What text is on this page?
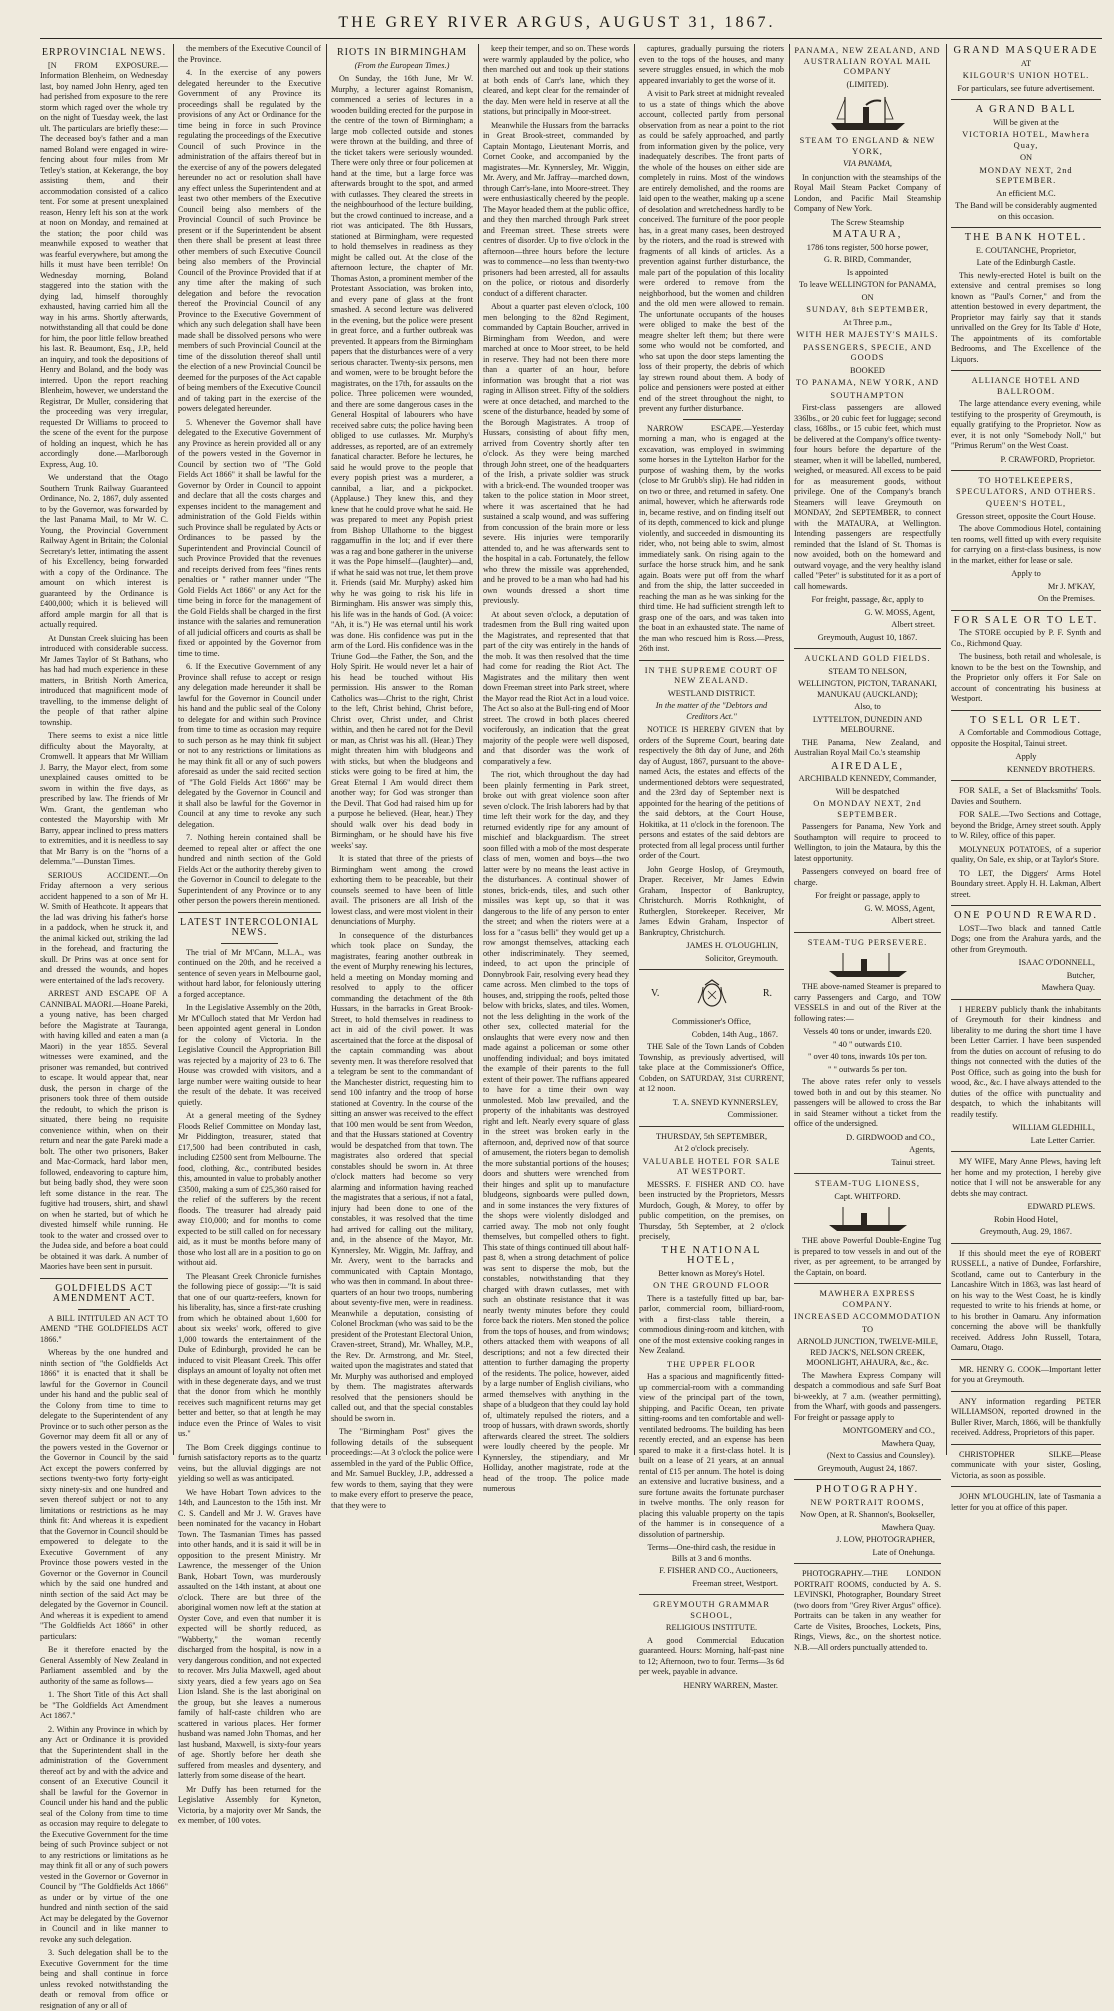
THE GREY RIVER ARGUS, AUGUST 31, 1867.
ERPROVINCIAL NEWS.

[N FROM EXPOSURE.—Information Blenheim, on Wednesday last, boy named John Henry, aged ten had perished from exposure to the rere storm which raged over the whole try on the night of Tuesday week, the last ult. The particulars are briefly these:—The deceased boy's father and a man named Boland were engaged in wire-fencing about four miles from Mr Tetley's station, at Kekerange, the boy assisting them, and their accommodation consisted of a calico tent. For some at present unexplained reason, Henry left his son at the work at noon on Monday, and remained at the station; the poor child was meanwhile exposed to weather that was fearful everywhere, but among the hills it must have been terrible! On Wednesday morning, Boland staggered into the station with the dying lad, himself thoroughly exhausted, having carried him all the way in his arms. Shortly afterwards, notwithstanding all that could be done for him, the poor little fellow breathed his last. R. Beaumont, Esq., J.P., held an inquiry, and took the depositions of Henry and Boland, and the body was interred. Upon the report reaching Blenheim, however, we understand the Registrar, Dr Muller, considering that the proceeding was very irregular, requested Dr Williams to proceed to the scene of the event for the purpose of holding an inquest, which he has accordingly done.—Marlborough Express, Aug. 10.

We understand that the Otago Southern Trunk Railway Guaranteed Ordinance, No. 2, 1867, duly assented to by the Governor, was forwarded by the last Panama Mail, to Mr W. C. Young, the Provincial Government Railway Agent in Britain; the Colonial Secretary's letter, intimating the assent of his Excellency, being forwarded with a copy of the Ordinance. The amount on which interest is guaranteed by the Ordinance is £400,000; which it is believed will afford ample margin for all that is actually required.

At Dunstan Creek sluicing has been introduced with considerable success. Mr James Taylor of St Bathans, who has had had much experience in these matters, in British North America, introduced that magnificent mode of travelling, to the immense delight of the people of that rather alpine township.

There seems to exist a nice little difficulty about the Mayoralty, at Cromwell. It appears that Mr William J. Barry, the Mayor elect, from some unexplained causes omitted to be sworn in within the five days, as prescribed by law. The friends of Mr Wm. Grant, the gentleman who contested the Mayorship with Mr Barry, appear inclined to press matters to extremities, and it is needless to say that Mr Barry is on the "horns of a delemma."—Dunstan Times.

SERIOUS ACCIDENT.—On Friday afternoon a very serious accident happened to a son of Mr H. W. Smith of Heathcote. It appears that the lad was driving his father's horse in a paddock, when he struck it, and the animal kicked out, striking the lad in the forehead, and fracturing the skull. Dr Prins was at once sent for and dressed the wounds, and hopes were entertained of the lad's recovery.

ARREST AND ESCAPE OF A CANNIBAL MAORI.—Hoane Pareki, a young native, has been charged before the Magistrate at Tauranga, with having killed and eaten a man (a Maori) in the year 1855. Several witnesses were examined, and the prisoner was remanded, but contrived to escape. It would appear that, near dusk, the person in charge of the prisoners took three of them outside the redoubt, to which the prison is situated, there being no requisite convenience within, when on their return and near the gate Pareki made a bolt. The other two prisoners, Baker and Mac-Cormack, hard labor men, followed, endeavoring to capture him, but being badly shod, they were soon left some distance in the rear. The fugitive had trousers, shirt, and shawl on when he started, but of which he divested himself while running. He took to the water and crossed over to the Judea side, and before a boat could be obtained it was dark. A number of Maories have been sent in pursuit.

GOLDFIELDS ACT AMENDMENT ACT.

A BILL INTITULED AN ACT TO AMEND "THE GOLDFIELDS ACT 1866."

Whereas by the one hundred and ninth section of "the Goldfields Act 1866" it is enacted that it shall be lawful for the Governor in Council under his hand and the public seal of the Colony from time to time to delegate to the Superintendent of any Province or to such other person as the Governor may deem fit all or any of the powers vested in the Governor or the Governor in Council by the said Act except the powers conferred by sections twenty-two forty forty-eight sixty ninety-six and one hundred and seven thereof subject or not to any limitations or restrictions as he may think fit: And whereas it is expedient that the Governor in Council should be empowered to delegate to the Executive Government of any Province those powers vested in the Governor or the Governor in Council which by the said one hundred and ninth section of the said Act may be delegated by the Governor in Council. And whereas it is expedient to amend "The Goldfields Act 1866" in other particulars:

Be it therefore enacted by the General Assembly of New Zealand in Parliament assembled and by the authority of the same as follows—

1. The Short Title of this Act shall be "The Goldfields Act Amendment Act 1867."

2. Within any Province in which by any Act or Ordinance it is provided that the Superintendent shall in the administration of the Government thereof act by and with the advice and consent of an Executive Council it shall be lawful for the Governor in Council under his hand and the public seal of the Colony from time to time as occasion may require to delegate to the Executive Government for the time being of such Province subject or not to any restrictions or limitations as he may think fit all or any of such powers vested in the Governor or Governor in Council by "The Goldfields Act 1866" as under or by virtue of the one hundred and ninth section of the said Act may be delegated by the Governor in Council and in like manner to revoke any such delegation.

3. Such delegation shall be to the Executive Government for the time being and shall continue in force unless revoked notwithstanding the death or removal from office or resignation of any or all of

the members of the Executive Council of the Province.

4. In the exercise of any powers delegated hereunder to the Executive Government of any Province its proceedings shall be regulated by the provisions of any Act or Ordinance for the time being in force in such Province regulating the proceedings of the Executive Council of such Province in the administration of the affairs thereof but in the exercise of any of the powers delegated hereunder no act or resolution shall have any effect unless the Superintendent and at least two other members of the Executive Council being also members of the Provincial Council of such Province be present or if the Superintendent be absent then there shall be present at least three other members of such Executive Council being also members of the Provincial Council of the Province Provided that if at any time after the making of such delegation and before the revocation thereof the Provincial Council of any Province to the Executive Government of which any such delegation shall have been made shall be dissolved persons who were members of such Provincial Council at the time of the dissolution thereof shall until the election of a new Provincial Council be deemed for the purposes of the Act capable of being members of the Executive Council and of taking part in the exercise of the powers delegated hereunder.

5. Whenever the Governor shall have delegated to the Executive Government of any Province as herein provided all or any of the powers vested in the Governor in Council by section two of "The Gold Fields Act 1866" it shall be lawful for the Governor by Order in Council to appoint and declare that all the costs charges and expenses incident to the management and administration of the Gold Fields within such Province shall be regulated by Acts or Ordinances to be passed by the Superintendent and Provincial Council of such Province Provided that the revenues and receipts derived from fees "fines rents penalties or " rather manner under "The Gold Fields Act 1866" or any Act for the time being in force for the management of the Gold Fields shall be charged in the first instance with the salaries and remuneration of all judicial officers and courts as shall be fixed or appointed by the Governor from time to time.

6. If the Executive Government of any Province shall refuse to accept or resign any delegation made hereunder it shall be lawful for the Governor in Council under his hand and the public seal of the Colony to delegate for and within such Province from time to time as occasion may require to such person as he may think fit subject or not to any restrictions or limitations as he may think fit all or any of such powers aforesaid as under the said recited section of "The Gold Fields Act 1866" may be delegated by the Governor in Council and it shall also be lawful for the Governor in Council at any time to revoke any such delegation.

7. Nothing herein contained shall be deemed to repeal alter or affect the one hundred and ninth section of the Gold Fields Act or the authority thereby given to the Governor in Council to delegate to the Superintendent of any Province or to any other person the powers therein mentioned.

LATEST INTERCOLONIAL NEWS.

The trial of Mr M'Cann, M.L.A., was continued on the 20th, and he received a sentence of seven years in Melbourne gaol, without hard labor, for feloniously uttering a forged acceptance.

In the Legislative Assembly on the 20th, Mr M'Culloch stated that Mr Verdon had been appointed agent general in London for the colony of Victoria. In the Legislative Council the Appropriation Bill was rejected by a majority of 23 to 6. The House was crowded with visitors, and a large number were waiting outside to hear the result of the debate. It was received quietly.

At a general meeting of the Sydney Floods Relief Committee on Monday last, Mr Piddington, treasurer, stated that £17,500 had been contributed in cash, including £2500 sent from Melbourne. The food, clothing, &c., contributed besides this, amounted in value to probably another £3500, making a sum of £25,360 raised for the relief of the sufferers by the recent floods. The treasurer had already paid away £10,000; and for months to come expected to be still called on for necessary aid, as it must be months before many of those who lost all are in a position to go on without aid.

The Pleasant Creek Chronicle furnishes the following piece of gossip:—"It is said that one of our quartz-reefers, known for his liberality, has, since a first-rate crushing from which he obtained about 1,600 for about six weeks' work, offered to give 1,000 towards the entertainment of the Duke of Edinburgh, provided he can be induced to visit Pleasant Creek. This offer displays an amount of loyalty not often met with in these degenerate days, and we trust that the donor from which he monthly receives such magnificent returns may get better and better, so that at length he may induce even the Prince of Wales to visit us."

The Bom Creek diggings continue to furnish satisfactory reports as to the quartz veins, but the alluvial diggings are not yielding so well as was anticipated.

We have Hobart Town advices to the 14th, and Launceston to the 15th inst. Mr C. S. Candell and Mr J. W. Graves have been nominated for the vacancy in Hobart Town. The Tasmanian Times has passed into other hands, and it is said it will be in opposition to the present Ministry. Mr Lawrence, the messenger of the Union Bank, Hobart Town, was murderously assaulted on the 14th instant, at about one o'clock. There are but three of the aboriginal women now left at the station at Oyster Cove, and even that number it is expected will be shortly reduced, as "Wabberty," the woman recently discharged from the hospital, is now in a very dangerous condition, and not expected to recover. Mrs Julia Maxwell, aged about sixty years, died a few years ago on Sea Lion Island. She is the last aboriginal on the group, but she leaves a numerous family of half-caste children who are scattered in various places. Her former husband was named John Thomas, and her last husband, Maxwell, is sixty-four years of age. Shortly before her death she suffered from measles and dysentery, and latterly from some disease of the heart.

Mr Duffy has been returned for the Legislative Assembly for Kyneton, Victoria, by a majority over Mr Sands, the ex member, of 100 votes.

RIOTS IN BIRMINGHAM
(From the European Times.)

On Sunday, the 16th June, Mr W. Murphy, a lecturer against Romanism, commenced a series of lectures in a wooden building erected for the purpose in the centre of the town of Birmingham; a large mob collected outside and stones were thrown at the building, and three of the ticket takers were seriously wounded. There were only three or four policemen at hand at the time, but a large force was afterwards brought to the spot, and armed with cutlasses. They cleared the streets in the neighbourhood of the lecture building, but the crowd continued to increase, and a riot was anticipated. The 8th Hussars, stationed at Birmingham, were requested to hold themselves in readiness as they might be called out. At the close of the afternoon lecture, the chapter of Mr. Thomas Aston, a prominent member of the Protestant Association, was broken into, and every pane of glass at the front smashed. A second lecture was delivered in the evening, but the police were present in great force, and a further outbreak was prevented. It appears from the Birmingham papers that the disturbances were of a very serious character. Twenty-six persons, men and women, were to be brought before the magistrates, on the 17th, for assaults on the police. Three policemen were wounded, and there are some dangerous cases in the General Hospital of labourers who have received sabre cuts; the police having been obliged to use cutlasses. Mr. Murphy's addresses, as reported, are of an extremely fanatical character. Before he lectures, he said he would prove to the people that every popish priest was a murderer, a cannibal, a liar, and a pickpocket. (Applause.) They knew this, and they knew that he could prove what he said. He was prepared to meet any Popish priest from Bishop Ullathorne to the biggest raggamuffin in the lot; and if ever there was a rag and bone gatherer in the universe it was the Pope himself—(laughter)—and, if what he said was not true, let them prove it. Friends (said Mr. Murphy) asked him why he was going to risk his life in Birmingham. His answer was simply this, his life was in the hands of God. (A voice: "Ah, it is.") He was eternal until his work was done. His confidence was put in the arm of the Lord. His confidence was in the Triune God—the Father, the Son, and the Holy Spirit. He would never let a hair of his head be touched without His permission. His answer to the Roman Catholics was—Christ to the right, Christ to the left, Christ behind, Christ before, Christ over, Christ under, and Christ within, and then he cared not for the Devil or man, as Christ was his all. (Hear.) They might threaten him with bludgeons and with sticks, but when the bludgeons and sticks were going to be fired at him, the Great Eternal I Am would direct them another way; for God was stronger than the Devil. That God had raised him up for a purpose he believed. (Hear, hear.) They should walk over his dead body in Birmingham, or he should have his five weeks' say.

It is stated that three of the priests of Birmingham went among the crowd exhorting them to be peaceable, but their counsels seemed to have been of little avail. The prisoners are all Irish of the lowest class, and were most violent in their denunciations of Murphy.

In consequence of the disturbances which took place on Sunday, the magistrates, fearing another outbreak in the event of Murphy renewing his lectures, held a meeting on Monday morning and resolved to apply to the officer commanding the detachment of the 8th Hussars, in the barracks in Great Brook-Street, to hold themselves in readiness to act in aid of the civil power. It was ascertained that the force at the disposal of the captain commanding was about seventy men. It was therefore resolved that a telegram be sent to the commandant of the Manchester district, requesting him to send 100 infantry and the troop of horse stationed at Coventry. In the course of the sitting an answer was received to the effect that 100 men would be sent from Weedon, and that the Hussars stationed at Coventry would be despatched from that town. The magistrates also ordered that special constables should be sworn in. At three o'clock matters had become so very alarming and information having reached the magistrates that a serious, if not a fatal, injury had been done to one of the constables, it was resolved that the time had arrived for calling out the military, and, in the absence of the Mayor, Mr. Kynnersley, Mr. Wiggin, Mr. Jaffray, and Mr. Avery, went to the barracks and communicated with Captain Montago, who was then in command. In about three-quarters of an hour two troops, numbering about seventy-five men, were in readiness. Meanwhile a deputation, consisting of Colonel Brockman (who was said to be the president of the Protestant Electoral Union, Craven-street, Strand), Mr. Whalley, M.P., the Rev. Dr. Armstrong, and Mr. Steel, waited upon the magistrates and stated that Mr. Murphy was authorised and employed by them. The magistrates afterwards resolved that the pensioners should be called out, and that the special constables should be sworn in.

The "Birmingham Post" gives the following details of the subsequent proceedings:—At 3 o'clock the police were assembled in the yard of the Public Office, and Mr. Samuel Buckley, J.P., addressed a few words to them, saying that they were to make every effort to preserve the peace, that they were to

keep their temper, and so on. These words were warmly applauded by the police, who then marched out and took up their stations at both ends of Carr's lane, which they cleared, and kept clear for the remainder of the day. Men were held in reserve at all the stations, but principally in Moor-street.

Meanwhile the Hussars from the barracks in Great Brook-street, commanded by Captain Montago, Lieutenant Morris, and Cornet Cooke, and accompanied by the magistrates—Mr. Kynnersley, Mr. Wiggin, Mr. Avery, and Mr. Jaffray—marched down, through Carr's-lane, into Moore-street. They were enthusiastically cheered by the people. The Mayor headed them at the public office, and they then marched through Park street and Freeman street. These streets were centres of disorder. Up to five o'clock in the afternoon—three hours before the lecture was to commence—no less than twenty-two prisoners had been arrested, all for assaults on the police, or riotous and disorderly conduct of a different character.

About a quarter past eleven o'clock, 100 men belonging to the 82nd Regiment, commanded by Captain Boucher, arrived in Birmingham from Weedon, and were marched at once to Moor street, to be held in reserve. They had not been there more than a quarter of an hour, before information was brought that a riot was raging in Allison street. Fifty of the soldiers were at once detached, and marched to the scene of the disturbance, headed by some of the Borough Magistrates. A troop of Hussars, consisting of about fifty men, arrived from Coventry shortly after ten o'clock. As they were being marched through John street, one of the headquarters of the Irish, a private soldier was struck with a brick-end. The wounded trooper was taken to the police station in Moor street, where it was ascertained that he had sustained a scalp wound, and was suffering from concussion of the brain more or less severe. His injuries were temporarily attended to, and he was afterwards sent to the hospital in a cab. Fortunately, the fellow who threw the missile was apprehended, and he proved to be a man who had had his own wounds dressed a short time previously.

At about seven o'clock, a deputation of tradesmen from the Bull ring waited upon the Magistrates, and represented that that part of the city was entirely in the hands of the mob. It was then resolved that the time had come for reading the Riot Act. The Magistrates and the military then went down Freeman street into Park street, where the Mayor read the Riot Act in a loud voice. The Act so also at the Bull-ring end of Moor street. The crowd in both places cheered vociferously, an indication that the great majority of the people were well disposed, and that disorder was the work of comparatively a few.

The riot, which throughout the day had been plainly fermenting in Park street, broke out with great violence soon after seven o'clock. The Irish laborers had by that time left their work for the day, and they returned evidently ripe for any amount of mischief and blackguardism. The street soon filled with a mob of the most desperate class of men, women and boys—the two latter were by no means the least active in the disturbances. A continual shower of stones, brick-ends, tiles, and such other missiles was kept up, so that it was dangerous to the life of any person to enter the street; and when the rioters were at a loss for a "casus belli" they would get up a row amongst themselves, attacking each other indiscriminately. They seemed, indeed, to act upon the principle of Donnybrook Fair, resolving every head they came across. Men climbed to the tops of houses, and, stripping the roofs, pelted those below with bricks, slates, and tiles. Women, not the less delighting in the work of the other sex, collected material for the onslaughts that were every now and then made against a policeman or some other unoffending individual; and boys imitated the example of their parents to the full extent of their power. The ruffians appeared to have for a time their own way unmolested. Mob law prevailed, and the property of the inhabitants was destroyed right and left. Nearly every square of glass in the street was broken early in the afternoon, and, deprived now of that source of amusement, the rioters began to demolish the more substantial portions of the houses; doors and shutters were wrenched from their hinges and split up to manufacture bludgeons, signboards were pulled down, and in some instances the very fixtures of the shops were violently dislodged and carried away. The mob not only fought themselves, but compelled others to fight. This state of things continued till about half-past 8, when a strong detachment of police was sent to disperse the mob, but the constables, notwithstanding that they charged with drawn cutlasses, met with such an obstinate resistance that it was nearly twenty minutes before they could force back the rioters. Men stoned the police from the tops of houses, and from windows; others attacked them with weapons of all descriptions; and not a few directed their attention to further damaging the property of the residents. The police, however, aided by a large number of English civilians, who armed themselves with anything in the shape of a bludgeon that they could lay hold of, ultimately repulsed the rioters, and a troop of hussars, with drawn swords, shortly afterwards cleared the street. The soldiers were loudly cheered by the people. Mr Kynnersley, the stipendiary, and Mr Holliday, another magistrate, rode at the head of the troop. The police made numerous

captures, gradually pursuing the rioters even to the tops of the houses, and many severe struggles ensued, in which the mob appeared invariably to get the worse of it.

A visit to Park street at midnight revealed to us a state of things which the above account, collected partly from personal observation from as near a point to the riot as could be safely approached, and partly from information given by the police, very inadequately describes. The front parts of the whole of the houses on either side are completely in ruins. Most of the windows are entirely demolished, and the rooms are laid open to the weather, making up a scene of desolation and wretchedness hardly to be conceived. The furniture of the poor people has, in a great many cases, been destroyed by the rioters, and the road is strewed with fragments of all kinds of articles. As a prevention against further disturbance, the male part of the population of this locality were ordered to remove from the neighborhood, but the women and children and the old men were allowed to remain. The unfortunate occupants of the houses were obliged to make the best of the meagre shelter left them; but there were some who would not be comforted, and who sat upon the door steps lamenting the loss of their property, the debris of which lay strewn round about them. A body of police and pensioners were posted at either end of the street throughout the night, to prevent any further disturbance.

NARROW ESCAPE.—Yesterday morning a man, who is engaged at the excavation, was employed in swimming some horses in the Lyttelton Harbor for the purpose of washing them, by the works (close to Mr Grubb's slip). He had ridden in on two or three, and returned in safety. One animal, however, which he afterwards rode in, became restive, and on finding itself out of its depth, commenced to kick and plunge violently, and succeeded in dismounting its rider, who, not being able to swim, almost immediately sank. On rising again to the surface the horse struck him, and he sank again. Boats were put off from the wharf and from the ship, the latter succeeded in reaching the man as he was sinking for the third time. He had sufficient strength left to grasp one of the oars, and was taken into the boat in an exhausted state. The name of the man who rescued him is Ross.—Press, 26th inst.

IN THE SUPREME COURT OF NEW ZEALAND.
WESTLAND DISTRICT.
In the matter of the "Debtors and Creditors Act."

NOTICE IS HEREBY GIVEN that by orders of the Supreme Court, bearing date respectively the 8th day of June, and 26th day of August, 1867, pursuant to the above-named Acts, the estates and effects of the undermentioned debtors were sequestrated, and the 23rd day of September next is appointed for the hearing of the petitions of the said debtors, at the Court House, Hokitika, at 11 o'clock in the forenoon. The persons and estates of the said debtors are protected from all legal process until further order of the Court.

John George Hoslop, of Greymouth, Draper. Receiver, Mr James Edwin Graham, Inspector of Bankruptcy, Christchurch. Morris Rothknight, of Rutherglen, Storekeeper. Receiver, Mr James Edwin Graham, Inspector of Bankruptcy, Christchurch.

JAMES H. O'LOUGHLIN,
Solicitor, Greymouth.
V.	R.
Commissioner's Office,
Cobden, 14th Aug., 1867.

THE Sale of the Town Lands of Cobden Township, as previously advertised, will take place at the Commissioner's Office, Cobden, on SATURDAY, 31st CURRENT, at 12 noon.

T. A. SNEYD KYNNERSLEY,
Commissioner.
THURSDAY, 5th SEPTEMBER,
At 2 o'clock precisely.
VALUABLE HOTEL FOR SALE AT WESTPORT.

MESSRS. F. FISHER AND CO. have been instructed by the Proprietors, Messrs Murdoch, Gough, & Morey, to offer by public competition, on the premises, on Thursday, 5th September, at 2 o'clock precisely,

THE NATIONAL HOTEL,
Better known as Morey's Hotel.
ON THE GROUND FLOOR

There is a tastefully fitted up bar, bar-parlor, commercial room, billiard-room, with a first-class table therein, a commodious dining-room and kitchen, with one of the most extensive cooking ranges in New Zealand.

THE UPPER FLOOR

Has a spacious and magnificently fitted-up commercial-room with a commanding view of the principal part of the town, shipping, and Pacific Ocean, ten private sitting-rooms and ten comfortable and well-ventilated bedrooms. The building has been recently erected, and an expense has been spared to make it a first-class hotel. It is built on a lease of 21 years, at an annual rental of £15 per annum. The hotel is doing an extensive and lucrative business, and a sure fortune awaits the fortunate purchaser in twelve months. The only reason for placing this valuable property on the tapis of the hammer is in consequence of a dissolution of partnership.

Terms—One-third cash, the residue in Bills at 3 and 6 months.
F. FISHER AND CO., Auctioneers,
Freeman street, Westport.
GREYMOUTH GRAMMAR SCHOOL,
RELIGIOUS INSTITUTE.

A good Commercial Education guaranteed. Hours: Morning, half-past nine to 12; Afternoon, two to four. Terms—3s 6d per week, payable in advance.

HENRY WARREN, Master.
PANAMA, NEW ZEALAND, AND AUSTRALIAN ROYAL MAIL COMPANY
(LIMITED).
STEAM TO ENGLAND & NEW YORK,
VIA PANAMA,

In conjunction with the steamships of the Royal Mail Steam Packet Company of London, and Pacific Mail Steamship Company of New York.

The Screw Steamship
MATAURA,
1786 tons register, 500 horse power,
G. R. BIRD, Commander,
Is appointed
To leave WELLINGTON for PANAMA,
ON
SUNDAY, 8th SEPTEMBER,
At Three p.m.,
WITH HER MAJESTY'S MAILS.
PASSENGERS, SPECIE, AND GOODS
BOOKED
TO PANAMA, NEW YORK, AND
SOUTHAMPTON

First-class passengers are allowed 336lbs., or 20 cubic feet for luggage; second class, 168lbs., or 15 cubic feet, which must be delivered at the Company's office twenty-four hours before the departure of the steamer, when it will be labelled, numbered, weighed, or measured. All excess to be paid for as measurement goods, without privilege. One of the Company's branch Steamers will leave Greymouth on MONDAY, 2nd SEPTEMBER, to connect with the MATAURA, at Wellington. Intending passengers are respectfully reminded that the Island of St. Thomas is now avoided, both on the homeward and outward voyage, and the very healthy island called "Peter" is substituted for it as a port of call homewards.

For freight, passage, &c, apply to
G. W. MOSS, Agent,
Albert street.
Greymouth, August 10, 1867.
AUCKLAND GOLD FIELDS.
STEAM TO NELSON,
WELLINGTON, PICTON, TARANAKI, MANUKAU (AUCKLAND);
Also, to
LYTTELTON, DUNEDIN AND MELBOURNE.

THE Panama, New Zealand, and Australian Royal Mail Co.'s steamship

AIREDALE,
ARCHIBALD KENNEDY, Commander,
Will be despatched
On MONDAY NEXT, 2nd SEPTEMBER.

Passengers for Panama, New York and Southampton will require to proceed to Wellington, to join the Mataura, by this the latest opportunity.

Passengers conveyed on board free of charge.

For freight or passage, apply to
G. W. MOSS, Agent,
Albert street.
STEAM-TUG PERSEVERE.

THE above-named Steamer is prepared to carry Passengers and Cargo, and TOW VESSELS in and out of the River at the following rates:—

Vessels 40 tons or under, inwards £20.
" 40 " outwards £10.
" over 40 tons, inwards 10s per ton.
" " outwards 5s per ton.

The above rates refer only to vessels towed both in and out by this steamer. No passengers will be allowed to cross the Bar in said Steamer without a ticket from the office of the undersigned.

D. GIRDWOOD and CO.,
Agents,
Tainui street.
STEAM-TUG LIONESS,
Capt. WHITFORD.

THE above Powerful Double-Engine Tug is prepared to tow vessels in and out of the river, as per agreement, to be arranged by the Captain, on board.

MAWHERA EXPRESS COMPANY.
INCREASED ACCOMMODATION
TO
ARNOLD JUNCTION, TWELVE-MILE, RED JACK'S, NELSON CREEK, MOONLIGHT, AHAURA, &c., &c.

The Mawhera Express Company will despatch a commodious and safe Surf Boat bi-weekly, at 7 a.m. (weather permitting), from the Wharf, with goods and passengers. For freight or passage apply to

MONTGOMERY and CO.,
Mawhera Quay,
(Next to Cassius and Counsley).
Greymouth, August 24, 1867.
PHOTOGRAPHY.
NEW PORTRAIT ROOMS,
Now Open, at R. Shannon's, Bookseller,
Mawhera Quay.
J. LOW, PHOTOGRAPHER,
Late of Onehunga.

PHOTOGRAPHY.—THE LONDON PORTRAIT ROOMS, conducted by A. S. LEVINSKI, Photographer, Boundary Street (two doors from "Grey River Argus" office). Portraits can be taken in any weather for Carte de Visites, Brooches, Lockets, Pins, Rings, Views, &c., on the shortest notice. N.B.—All orders punctually attended to.

GRAND MASQUERADE
AT
KILGOUR'S UNION HOTEL.
For particulars, see future advertisement.
A GRAND BALL
Will be given at the
VICTORIA HOTEL, Mawhera Quay,
ON
MONDAY NEXT, 2nd SEPTEMBER.
An efficient M.C.
The Band will be considerably augmented on this occasion.
THE BANK HOTEL.
E. COUTANCHE, Proprietor,
Late of the Edinburgh Castle.

This newly-erected Hotel is built on the extensive and central premises so long known as "Paul's Corner," and from the attention bestowed in every department, the Proprietor may fairly say that it stands unrivalled on the Grey for Its Table d' Hote, The appointments of its comfortable Bedrooms, and The Excellence of the Liquors.

ALLIANCE HOTEL AND BALLROOM.

The large attendance every evening, while testifying to the prosperity of Greymouth, is equally gratifying to the Proprietor. Now as ever, it is not only "Somebody Noll," but "Primus Rerum" on the West Coast.

P. CRAWFORD, Proprietor.
TO HOTELKEEPERS, SPECULATORS, AND OTHERS.
QUEEN'S HOTEL,
Gresson street, opposite the Court House.

The above Commodious Hotel, containing ten rooms, well fitted up with every requisite for carrying on a first-class business, is now in the market, either for lease or sale.

Apply to
Mr J. M'KAY,
On the Premises.
FOR SALE OR TO LET.

The STORE occupied by P. F. Synth and Co., Richmond Quay.

The business, both retail and wholesale, is known to be the best on the Township, and the Proprietor only offers it For Sale on account of concentrating his business at Westport.

TO SELL OR LET.

A Comfortable and Commodious Cottage, opposite the Hospital, Tainui street.

Apply
KENNEDY BROTHERS.

FOR SALE, a Set of Blacksmiths' Tools. Davies and Southern.

FOR SALE.—Two Sections and Cottage, beyond the Bridge, Arney street south. Apply to W. Riley, office of this paper.

MOLYNEUX POTATOES, of a superior quality, On Sale, ex ship, or at Taylor's Store.

TO LET, the Diggers' Arms Hotel Boundary street. Apply H. H. Lakman, Albert street.

ONE POUND REWARD.

LOST—Two black and tanned Cattle Dogs; one from the Arahura yards, and the other from Greymouth.

ISAAC O'DONNELL,
Butcher,
Mawhera Quay.

I HEREBY publicly thank the inhabitants of Greymouth for their kindness and liberality to me during the short time I have been Letter Carrier. I have been suspended from the duties on account of refusing to do things not connected with the duties of the Post Office, such as going into the bush for wood, &c., &c. I have always attended to the duties of the office with punctuality and despatch, to which the inhabitants will readily testify.

WILLIAM GLEDHILL,
Late Letter Carrier.

MY WIFE, Mary Anne Plews, having left her home and my protection, I hereby give notice that I will not be answerable for any debts she may contract.

EDWARD PLEWS.
Robin Hood Hotel,
Greymouth, Aug. 29, 1867.

If this should meet the eye of ROBERT RUSSELL, a native of Dundee, Forfarshire, Scotland, came out to Canterbury in the Lancashire Witch in 1863, was last heard of on his way to the West Coast, he is kindly requested to write to his friends at home, or to his brother in Oamaru. Any information concerning the above will be thankfully received. Address John Russell, Totara, Oamaru, Otago.

MR. HENRY G. COOK—Important letter for you at Greymouth.

ANY information regarding PETER WILLIAMSON, reported drowned in the Buller River, March, 1866, will be thankfully received. Address, Proprietors of this paper.

CHRISTOPHER SILKE—Please communicate with your sister, Gosling, Victoria, as soon as possible.

JOHN M'LOUGHLIN, late of Tasmania a letter for you at office of this paper.
